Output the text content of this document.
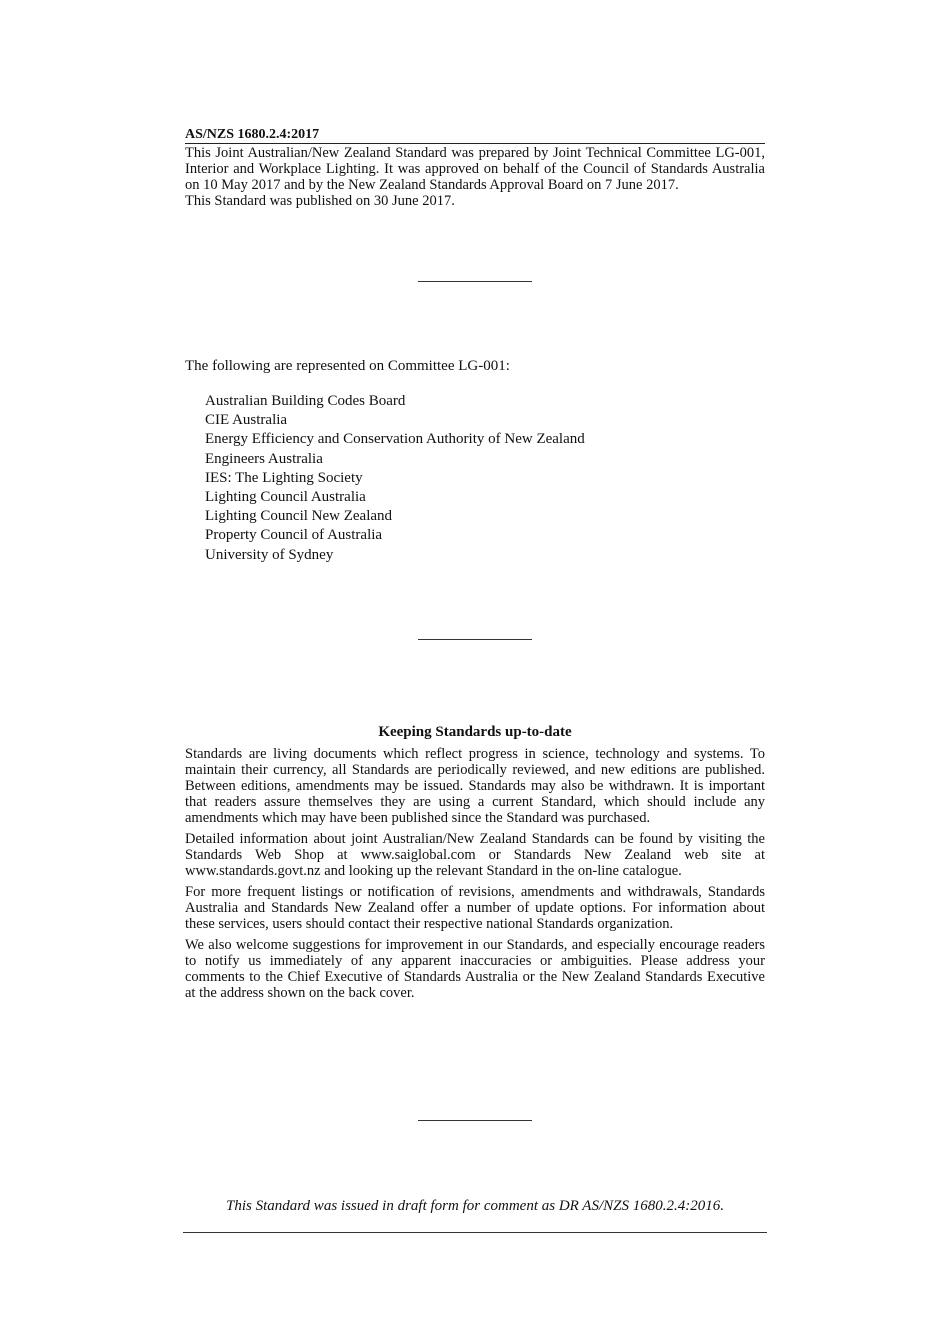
AS/NZS 1680.2.4:2017

This Joint Australian/New Zealand Standard was prepared by Joint Technical Committee LG-001, Interior and Workplace Lighting. It was approved on behalf of the Council of Standards Australia on 10 May 2017 and by the New Zealand Standards Approval Board on 7 June 2017.

This Standard was published on 30 June 2017.

The following are represented on Committee LG-001:
Australian Building Codes Board
CIE Australia
Energy Efficiency and Conservation Authority of New Zealand
Engineers Australia
IES: The Lighting Society
Lighting Council Australia
Lighting Council New Zealand
Property Council of Australia
University of Sydney
Keeping Standards up-to-date

Standards are living documents which reflect progress in science, technology and systems. To maintain their currency, all Standards are periodically reviewed, and new editions are published. Between editions, amendments may be issued. Standards may also be withdrawn. It is important that readers assure themselves they are using a current Standard, which should include any amendments which may have been published since the Standard was purchased.

Detailed information about joint Australian/New Zealand Standards can be found by visiting the Standards Web Shop at www.saiglobal.com or Standards New Zealand web site at www.standards.govt.nz and looking up the relevant Standard in the on-line catalogue.

For more frequent listings or notification of revisions, amendments and withdrawals, Standards Australia and Standards New Zealand offer a number of update options. For information about these services, users should contact their respective national Standards organization.

We also welcome suggestions for improvement in our Standards, and especially encourage readers to notify us immediately of any apparent inaccuracies or ambiguities. Please address your comments to the Chief Executive of Standards Australia or the New Zealand Standards Executive at the address shown on the back cover.

This Standard was issued in draft form for comment as DR AS/NZS 1680.2.4:2016.
